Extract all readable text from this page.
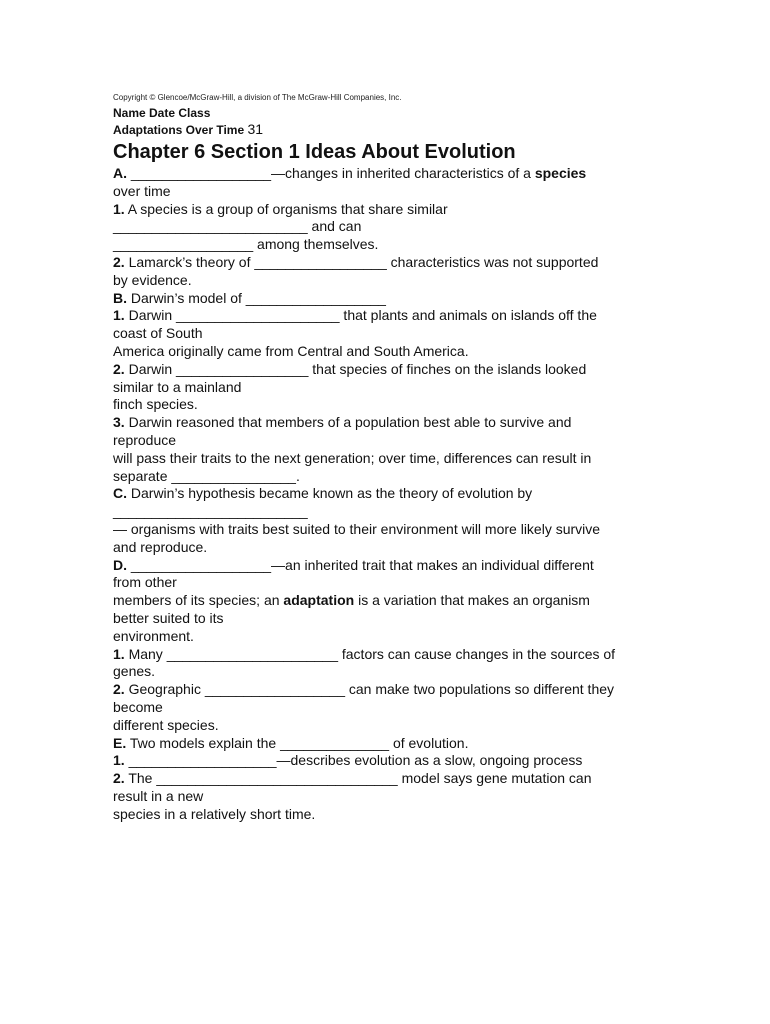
Copyright © Glencoe/McGraw-Hill, a division of The McGraw-Hill Companies, Inc.
Name Date Class
Adaptations Over Time 31
Chapter 6 Section 1 Ideas About Evolution
A. __________________—changes in inherited characteristics of a species
over time
1. A species is a group of organisms that share similar
_________________________ and can
__________________ among themselves.
2. Lamarck’s theory of _________________ characteristics was not supported
by evidence.
B. Darwin’s model of __________________
1. Darwin _____________________ that plants and animals on islands off the
coast of South
America originally came from Central and South America.
2. Darwin _________________ that species of finches on the islands looked
similar to a mainland
finch species.
3. Darwin reasoned that members of a population best able to survive and
reproduce
will pass their traits to the next generation; over time, differences can result in
separate ________________.
C. Darwin’s hypothesis became known as the theory of evolution by
_________________________
— organisms with traits best suited to their environment will more likely survive
and reproduce.
D. __________________—an inherited trait that makes an individual different
from other
members of its species; an adaptation is a variation that makes an organism
better suited to its
environment.
1. Many ______________________ factors can cause changes in the sources of
genes.
2. Geographic __________________ can make two populations so different they
become
different species.
E. Two models explain the ______________ of evolution.
1. ___________________—describes evolution as a slow, ongoing process
2. The _______________________________ model says gene mutation can
result in a new
species in a relatively short time.
